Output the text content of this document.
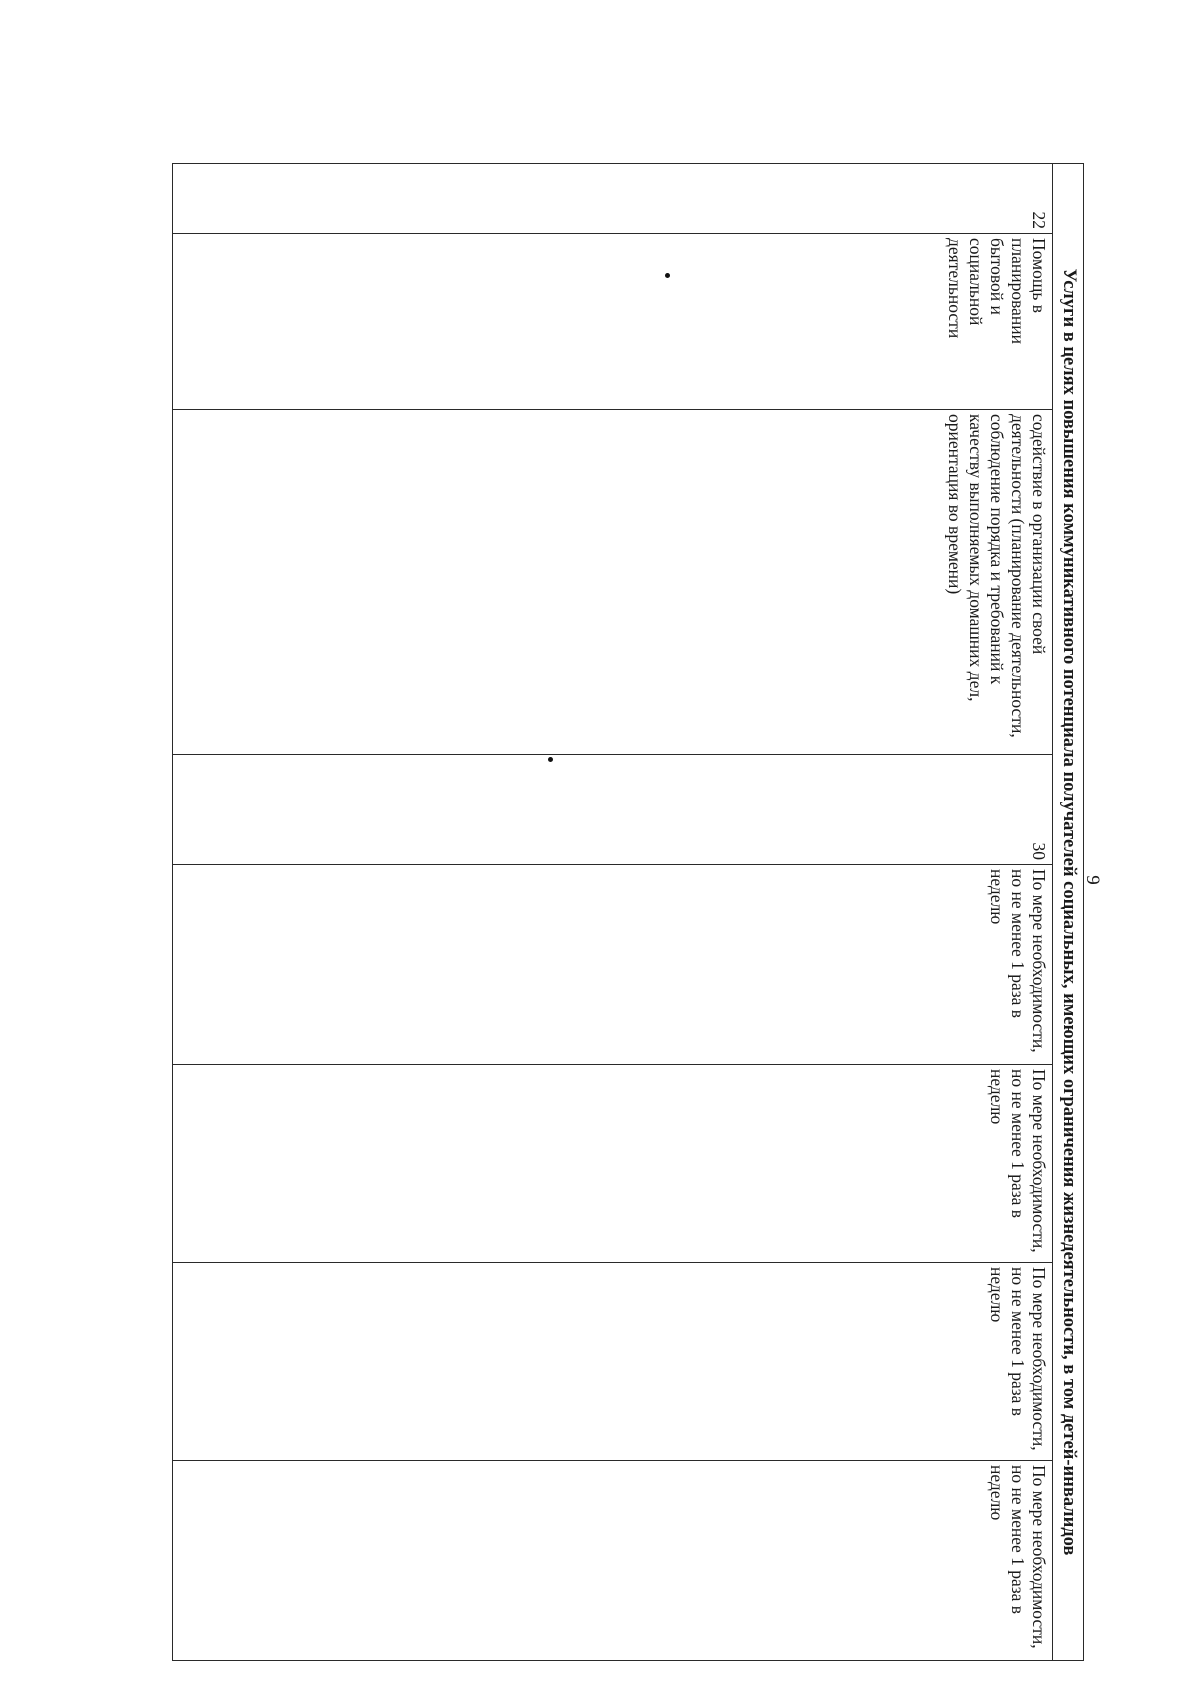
9
Услуги в целях повышения коммуникативного потенциала получателей социальных, имеющих ограничения жизнедеятельности, в том детей-инвалидов
22	Помощь в планировании бытовой и социальной деятельности	содействие в организации своей деятельности (планирование деятельности, соблюдение порядка и требований к качеству выполняемых домашних дел, ориентация во времени)	30	По мере необходимости, но не менее 1 раза в неделю	По мере необходимости, но не менее 1 раза в неделю	По мере необходимости, но не менее 1 раза в неделю	По мере необходимости, но не менее 1 раза в неделю
